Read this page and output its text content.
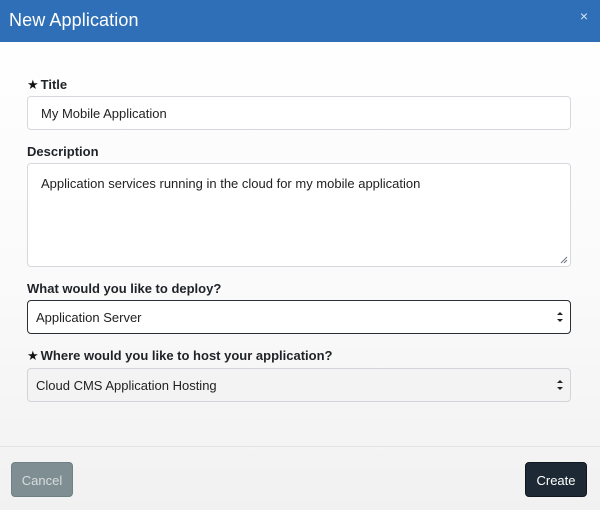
New Application	×
★ Title
My Mobile Application
Description
Application services running in the cloud for my mobile application
What would you like to deploy?
Application Server
★ Where would you like to host your application?
Cloud CMS Application Hosting
Cancel	Create
